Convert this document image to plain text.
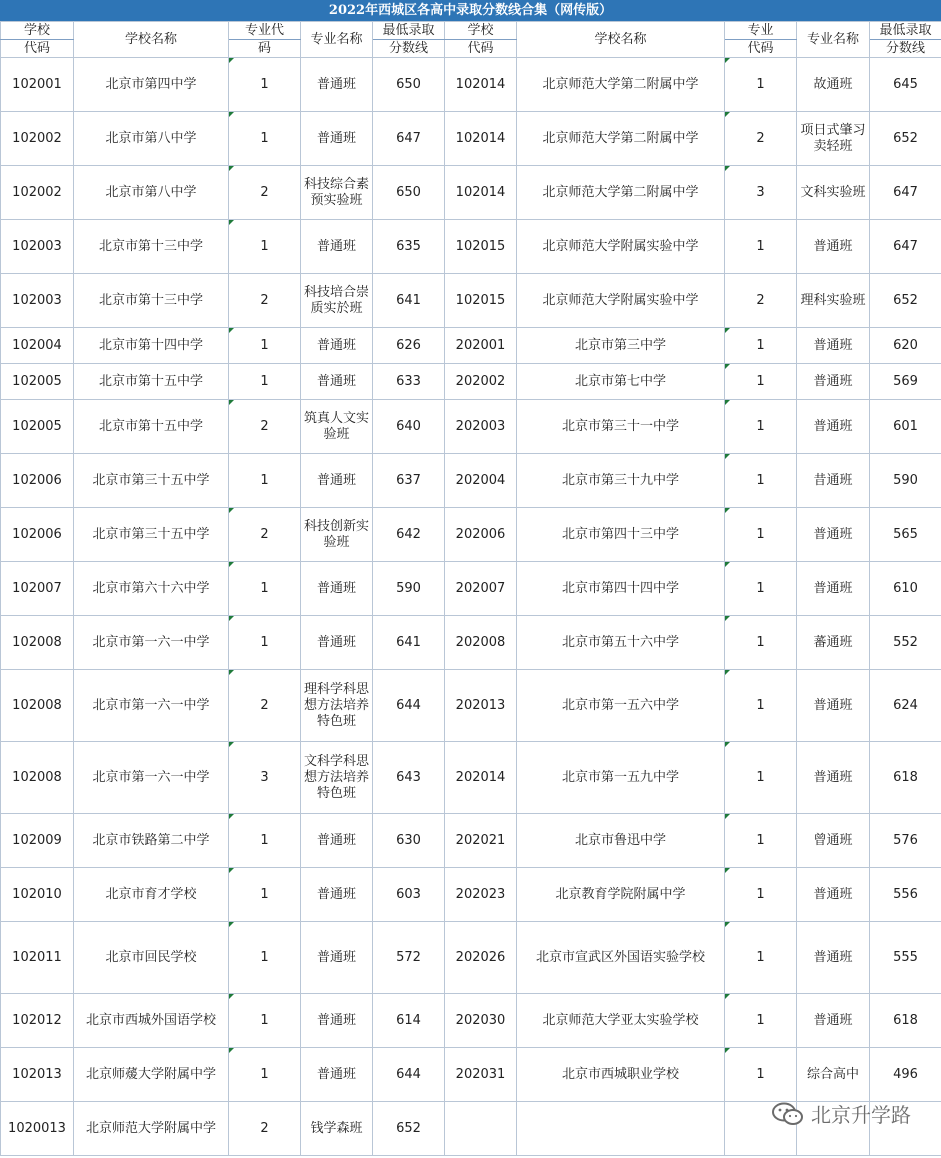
2022年西城区各高中录取分数线合集（网传版）
学校	学校名称	专业代	专业名称	最低录取	学校	学校名称	专业	专业名称	最低录取
代码		码		分数线	代码		代码		分数线
102001	北京市第四中学	1	普通班	650	102014	北京师范大学第二附属中学	1	故通班	645
102002	北京市第八中学	1	普通班	647	102014	北京师范大学第二附属中学	2	项日式肇习卖轻班	652
102002	北京市第八中学	2	科技综合素预实验班	650	102014	北京师范大学第二附属中学	3	文科实验班	647
102003	北京市第十三中学	1	普通班	635	102015	北京师范大学附属实验中学	1	普通班	647
102003	北京市第十三中学	2	科技培合崇质实於班	641	102015	北京师范大学附属实验中学	2	理科实验班	652
102004	北京市第十四中学	1	普通班	626	202001	北京市第三中学	1	普通班	620
102005	北京市第十五中学	1	普通班	633	202002	北京市第七中学	1	普通班	569
102005	北京市第十五中学	2	筑真人文实验班	640	202003	北京市第三十一中学	1	普通班	601
102006	北京市第三十五中学	1	普通班	637	202004	北京市第三十九中学	1	昔通班	590
102006	北京市第三十五中学	2	科技创新实验班	642	202006	北京市第四十三中学	1	普通班	565
102007	北京市第六十六中学	1	普通班	590	202007	北京市第四十四中学	1	普通班	610
102008	北京市第一六一中学	1	普通班	641	202008	北京市第五十六中学	1	蕃通班	552
102008	北京市第一六一中学	2	理科学科思想方法培养特色班	644	202013	北京市第一五六中学	1	普通班	624
102008	北京市第一六一中学	3	文科学科思想方法培养特色班	643	202014	北京市第一五九中学	1	普通班	618
102009	北京市铁路第二中学	1	普通班	630	202021	北京市鲁迅中学	1	曾通班	576
102010	北京市育才学校	1	普通班	603	202023	北京教育学院附属中学	1	普通班	556
102011	北京市回民学校	1	普通班	572	202026	北京市宣武区外国语实验学校	1	普通班	555
102012	北京市西城外国语学校	1	普通班	614	202030	北京师范大学亚太实验学校	1	普通班	618
102013	北京师蕿大学附属中学	1	普通班	644	202031	北京市西城职业学校	1	综合高中	496
1020013	北京师范大学附属中学	2	钱学森班	652					
北京升学路
